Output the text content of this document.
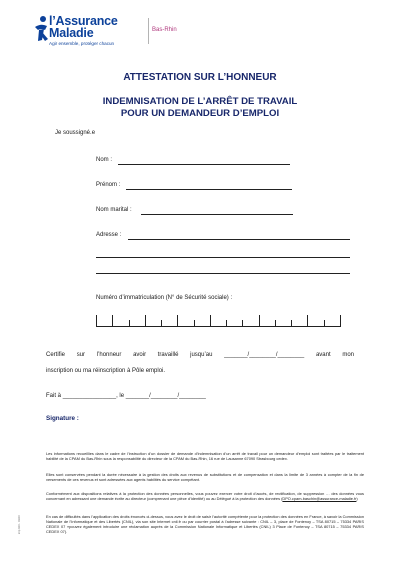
l’Assurance
Maladie
Agir ensemble, protéger chacun
Bas-Rhin
ATTESTATION SUR L’HONNEUR
INDEMNISATION DE L’ARRÊT DE TRAVAIL
POUR UN DEMANDEUR D’EMPLOI
Je soussigné.e
Nom :
Prénom :
Nom marital :
Adresse :
Numéro d’immatriculation (N° de Sécurité sociale) :
Certifie sur l’honneur avoir travaillé jusqu’au _______/________/________ avant mon
inscription ou ma réinscription à Pôle emploi.
Fait à ________________, le _______/________/________
Signature :
Les informations recueillies dans le cadre de l’instruction d’un dossier de demande d’indemnisation d’un arrêt de travail pour un demandeur d’emploi sont traitées par le traitement habilité de la CPAM du Bas-Rhin sous la responsabilité du directeur de la CPAM du Bas-Rhin, 16 rue de Lausanne 67090 Strasbourg cedex.
Elles sont conservées pendant la durée nécessaire à la gestion des droits aux revenus de substitutions et de compensation et dans la limite de 3 années à compter de la fin de versements de ces revenus et sont adressées aux agents habilités du service compétant.
Conformément aux dispositions relatives à la protection des données personnelles, vous pouvez exercer votre droit d’accès, de rectification, de suppression … des données vous concernant en adressant une demande écrite au directeur (comprenant une pièce d’identité) ou au Délégué à la protection des données (DPO.cpam-baschin@assurance-maladie.fr)
En cas de difficultés dans l’application des droits énoncés ci-dessus, vous avez le droit de saisir l’autorité compétente pour la protection des données en France, à savoir la Commission Nationale de l’Informatique et des Libertés (CNIL), via son site Internet cnil.fr ou par courrier postal à l’adresse suivante : CNIL – 3, place de Fontenoy – TSA 80715 – 75334 PARIS CEDEX 07 »pouvez également introduire une réclamation auprès de la Commission Nationale Informatique et Libertés (CNIL) 3 Place de Fontenoy – TSA 80715 – 75334 PARIS CEDEX 07).
imp 920 - 03/20
